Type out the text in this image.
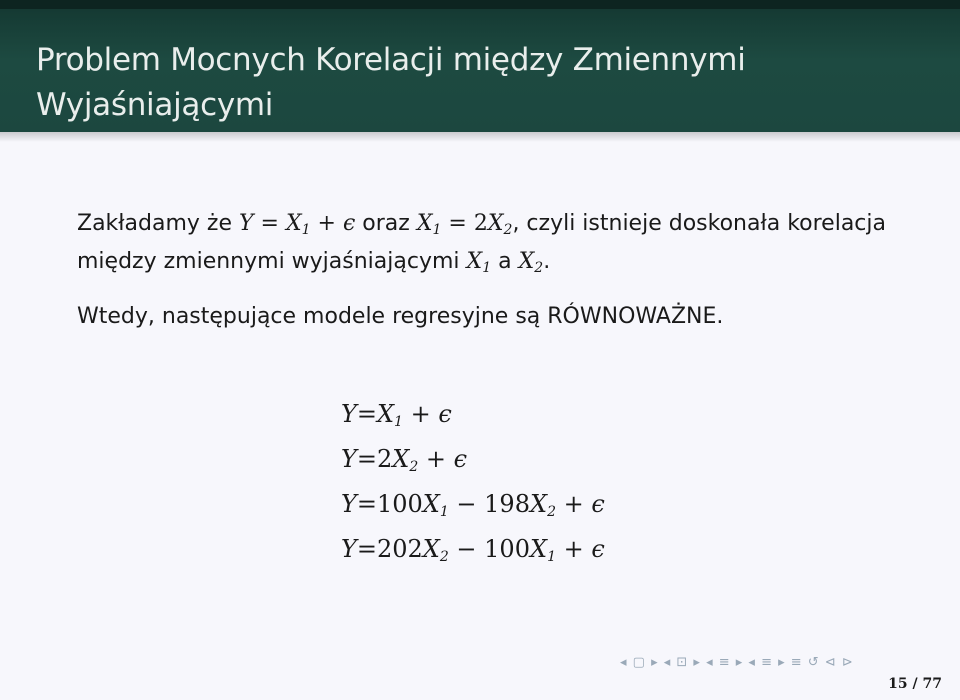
Problem Mocnych Korelacji między Zmiennymi Wyjaśniającymi
Zakładamy że $Y = X_1 + \epsilon$ oraz $X_1 = 2X_2$, czyli istnieje doskonała korelacja między zmiennymi wyjaśniającymi $X_1$ a $X_2$.
Wtedy, następujące modele regresyjne są RÓWNOWAŻNE.
$Y=X_1 + \epsilon$
$Y=2X_2 + \epsilon$
$Y=100X_1 - 198X_2 + \epsilon$
$Y=202X_2 - 100X_1 + \epsilon$
◂ ▢ ▸ ◂ ⊡ ▸ ◂ ≡ ▸ ◂ ≡ ▸ ≡ ↺ ⊲ ⊳
15 / 77
